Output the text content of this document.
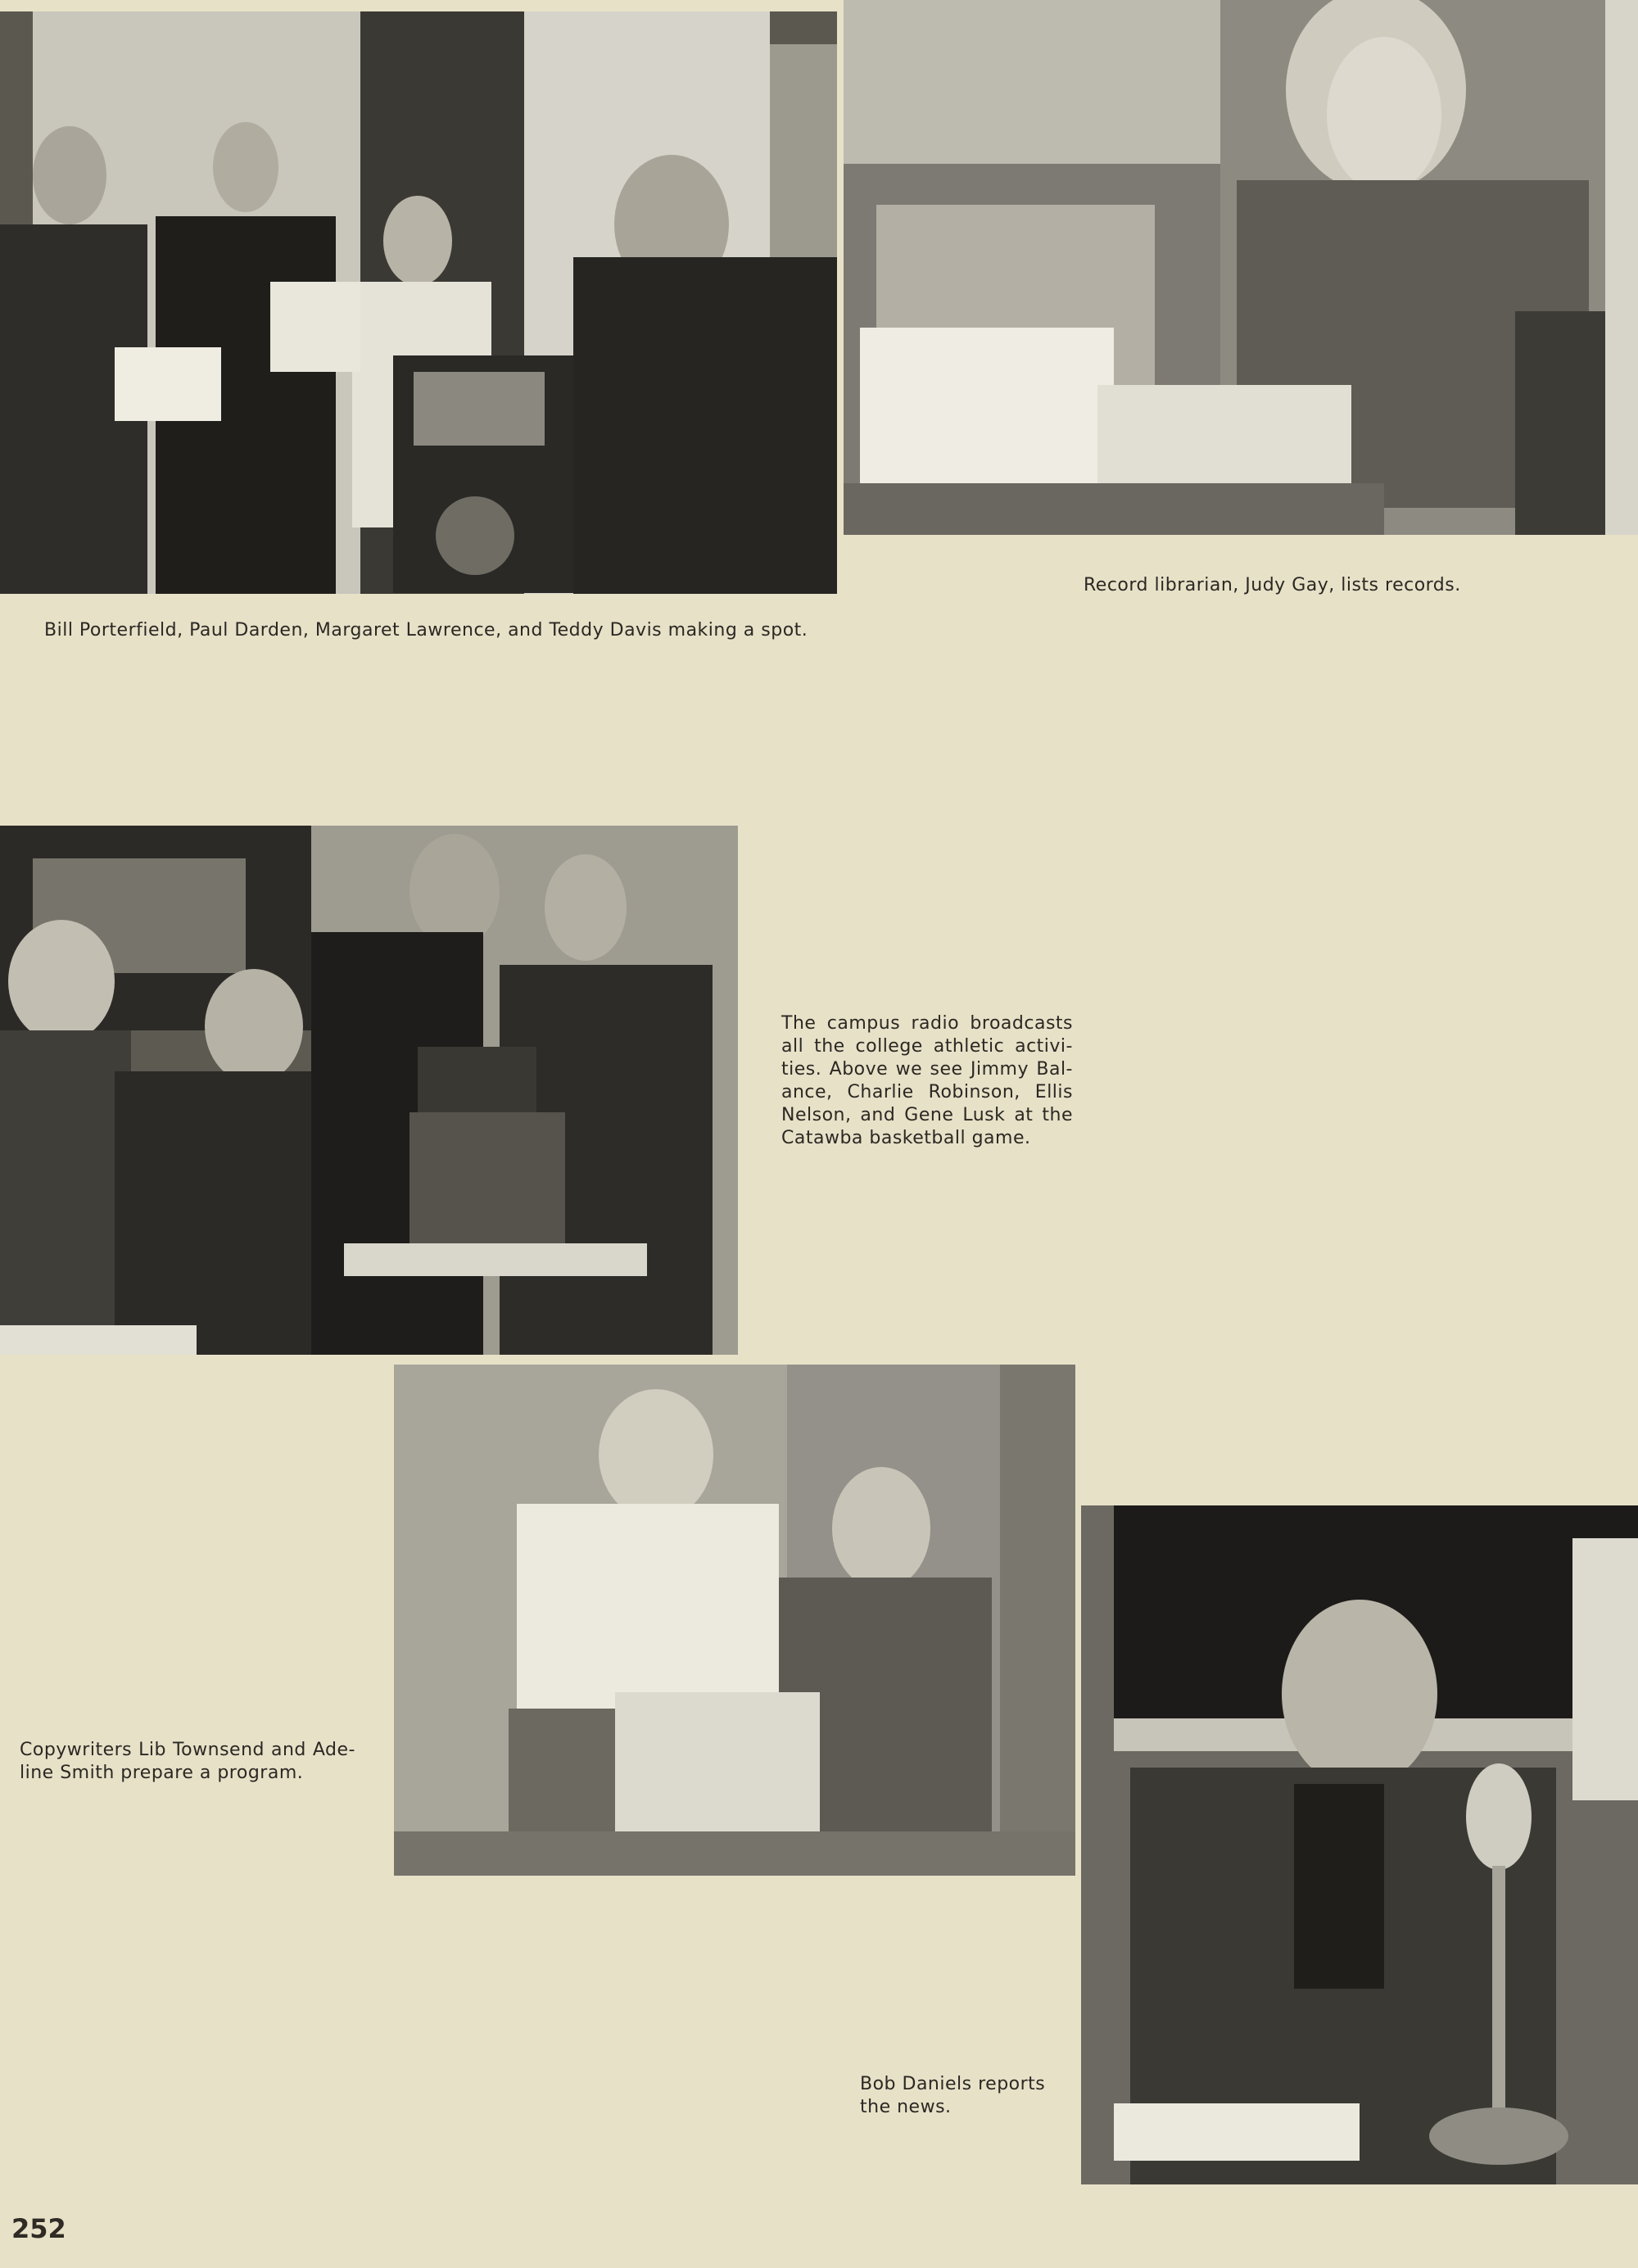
Bill Porterfield, Paul Darden, Margaret Lawrence, and Teddy Davis making a spot.
Record librarian, Judy Gay, lists records.
The campus radio broadcasts all the college athletic activi- ties. Above we see Jimmy Bal- ance, Charlie Robinson, Ellis Nelson, and Gene Lusk at the Catawba basketball game.
Copywriters Lib Townsend and Ade- line Smith prepare a program.
Bob Daniels reports the news.
252
